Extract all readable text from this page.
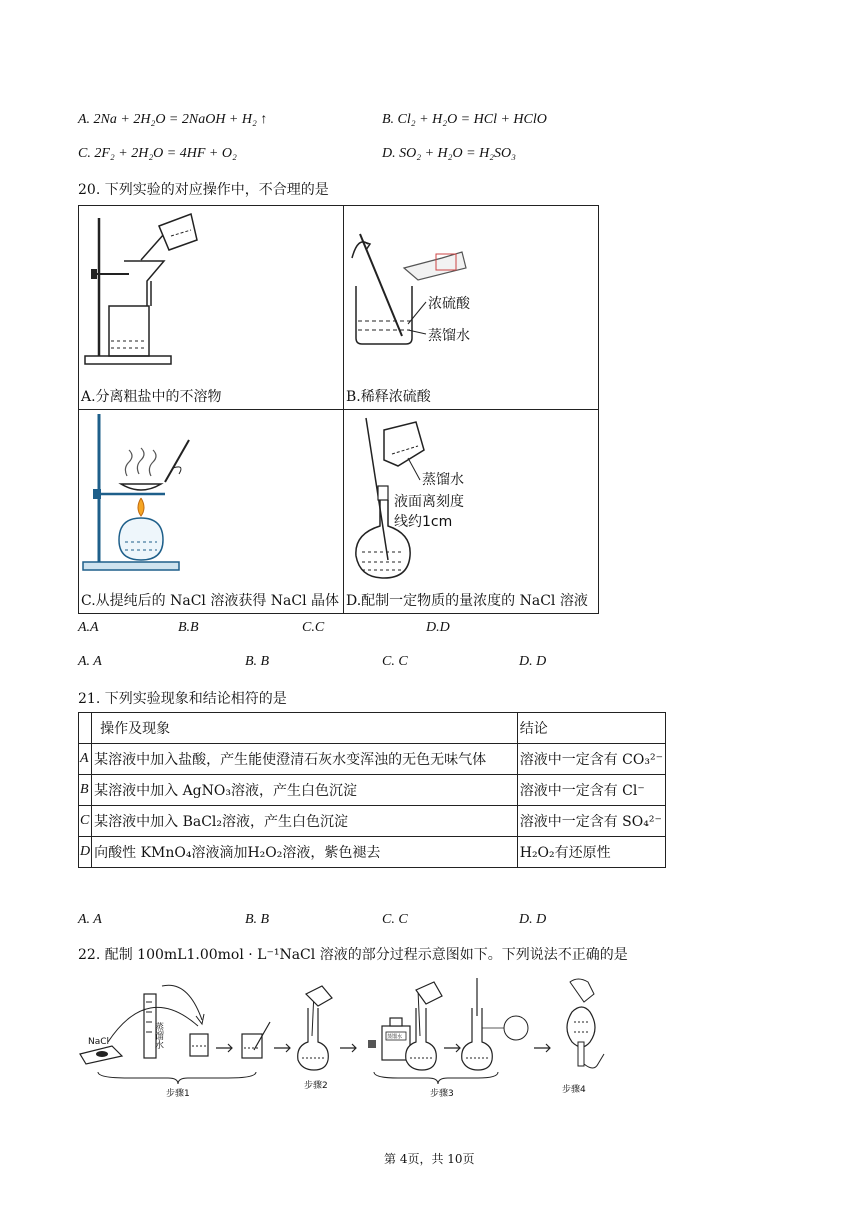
A. 2Na + 2H₂O = 2NaOH + H₂ ↑	B. Cl₂ + H₂O = HCl + HClO
C. 2F₂ + 2H₂O = 4HF + O₂	D. SO₂ + H₂O = H₂SO₃
20. 下列实验的对应操作中，不合理的是
A.分离粗盐中的不溶物	浓硫酸
蒸馏水
B.稀释浓硫酸

C.从提纯后的 NaCl 溶液获得 NaCl 晶体	蒸馏水
液面离刻度
线约1cm
D.配制一定物质的量浓度的 NaCl 溶液
A.A	B.B	C.C	D.D
A. A	B. B	C. C	D. D
21. 下列实验现象和结论相符的是
	操作及现象	结论
A	某溶液中加入盐酸，产生能使澄清石灰水变浑浊的无色无味气体	溶液中一定含有 CO₃²⁻
B	某溶液中加入 AgNO₃溶液，产生白色沉淀	溶液中一定含有 Cl⁻
C	某溶液中加入 BaCl₂溶液，产生白色沉淀	溶液中一定含有 SO₄²⁻
D	向酸性 KMnO₄溶液滴加H₂O₂溶液，紫色褪去	H₂O₂有还原性
A. A	B. B	C. C	D. D
22. 配制 100mL1.00mol · L⁻¹NaCl 溶液的部分过程示意图如下。下列说法不正确的是
NaCl	蒸馏水
步骤1
步骤2
蒸馏水
步骤3	步骤4
第 4页，共 10页
